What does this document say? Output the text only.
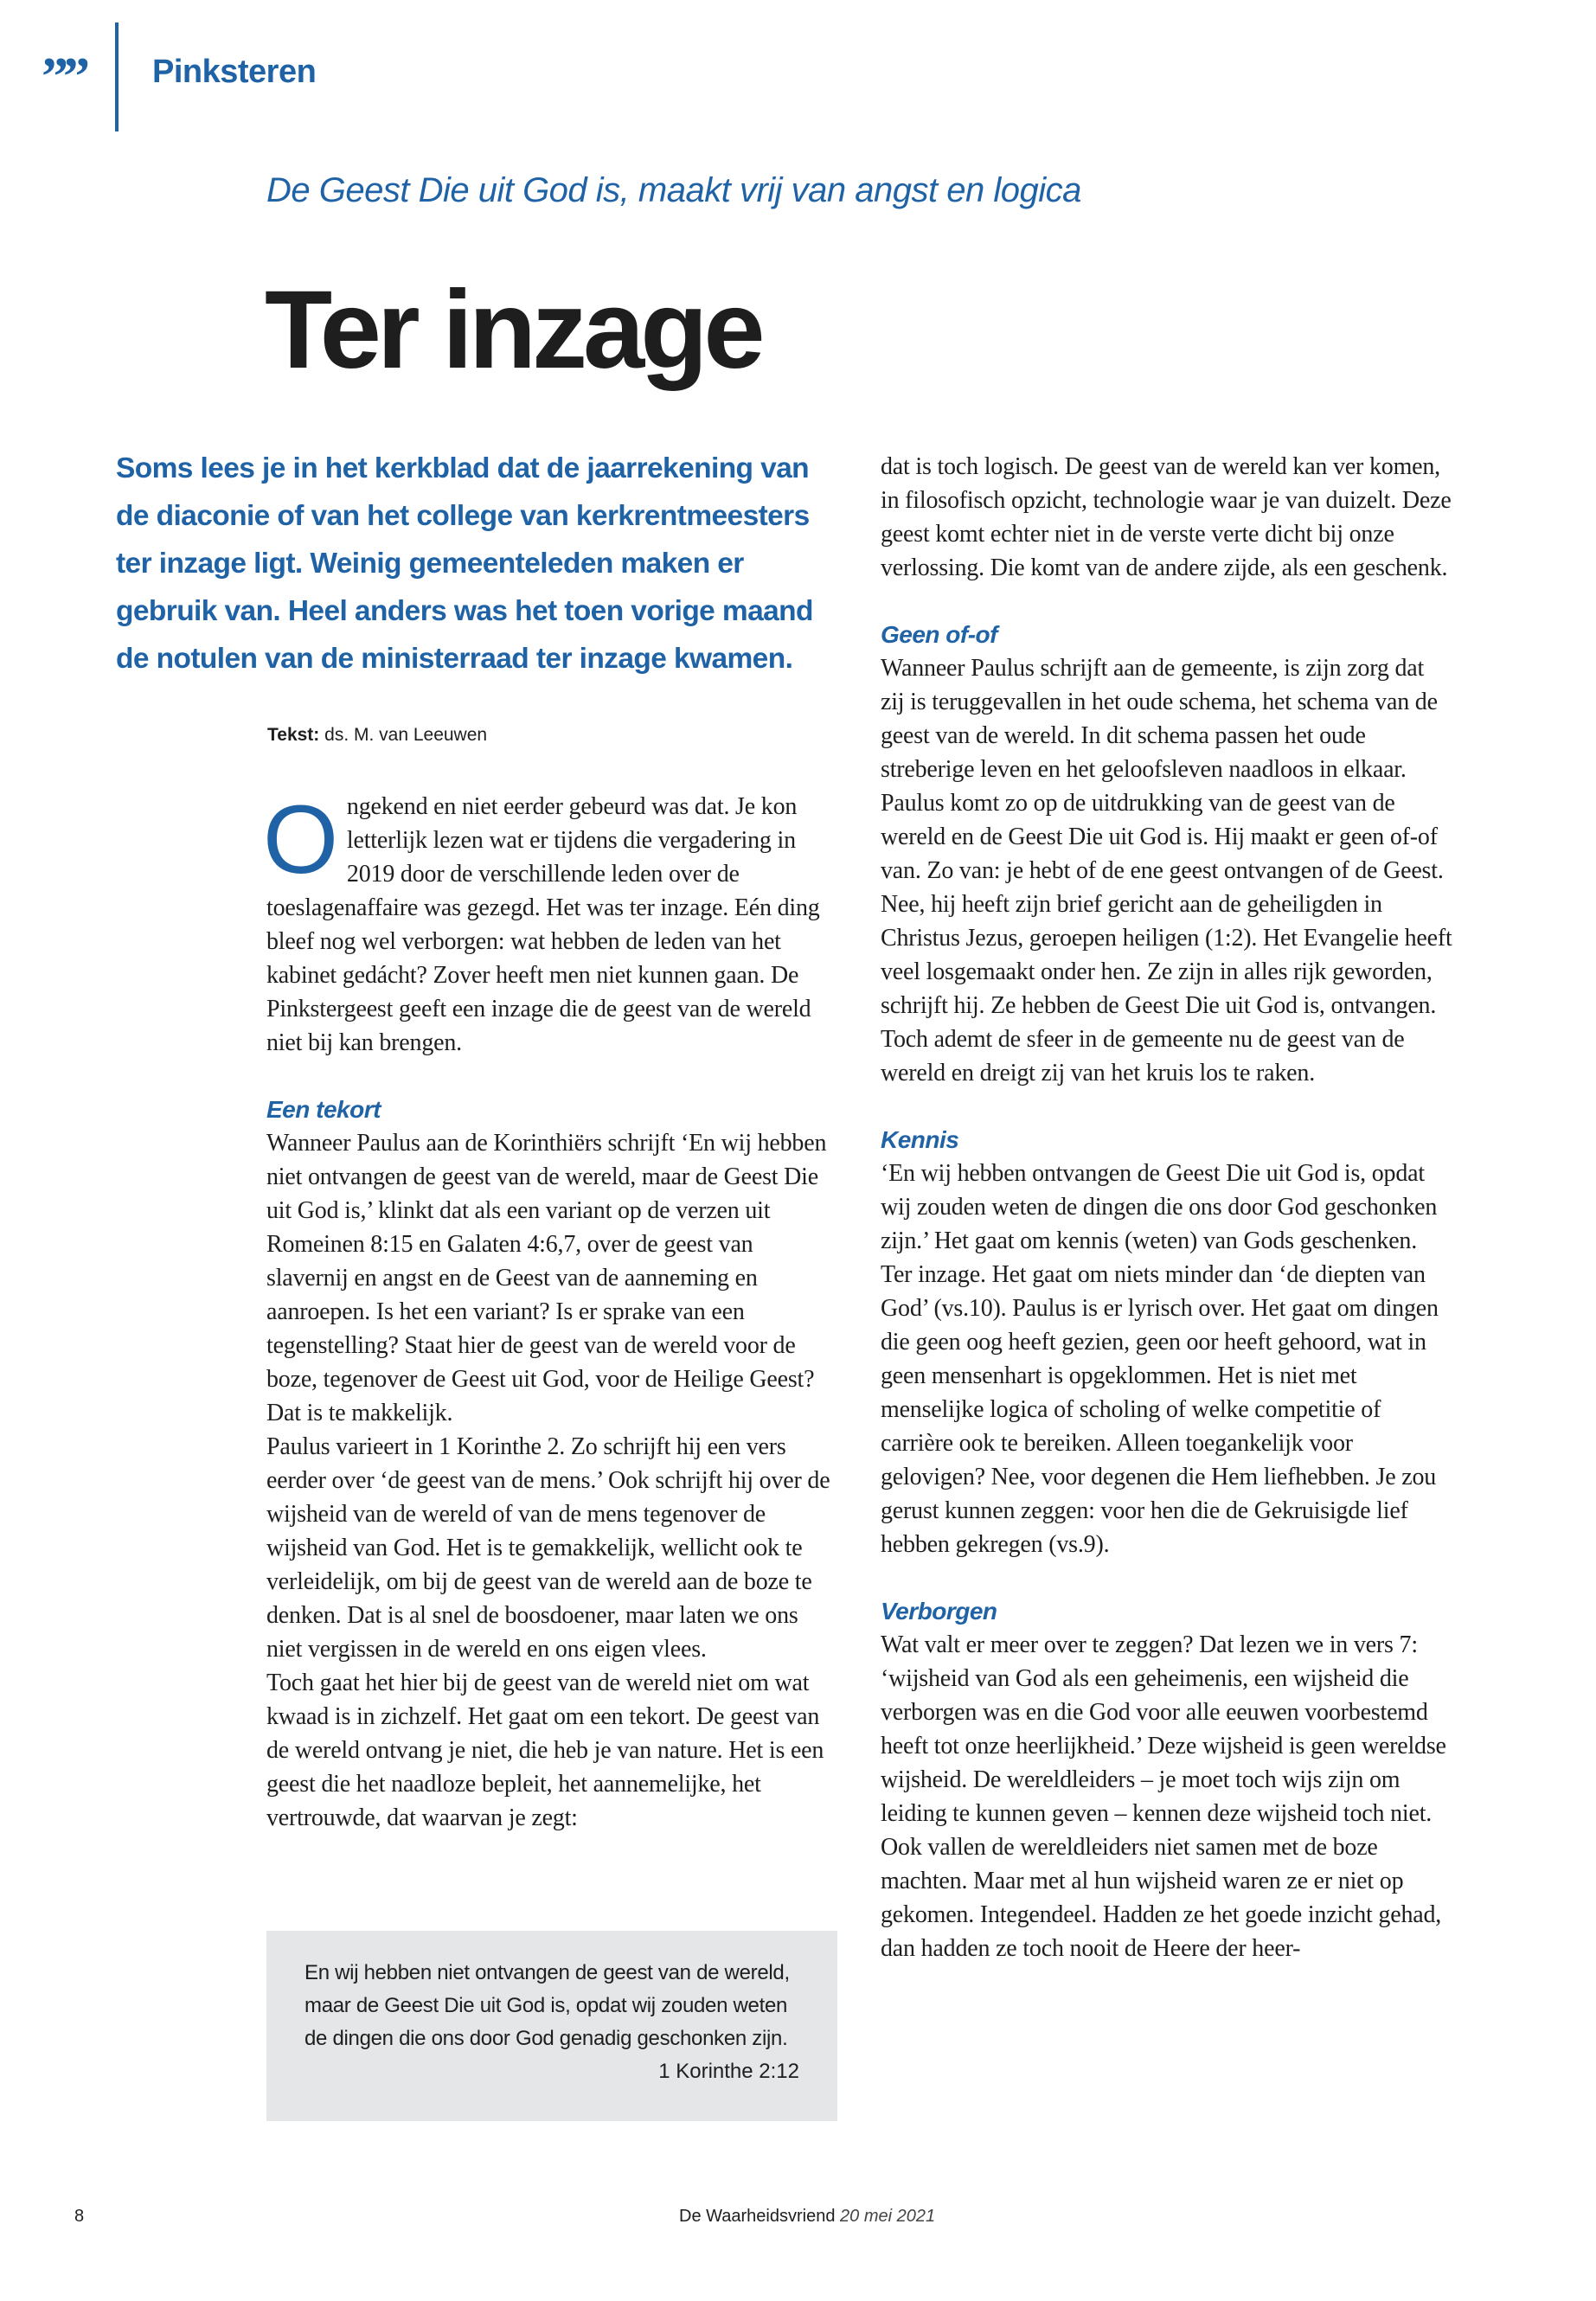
”” Pinksteren
De Geest Die uit God is, maakt vrij van angst en logica
Ter inzage
Soms lees je in het kerkblad dat de jaarrekening van de diaconie of van het college van kerkrentmeesters ter inzage ligt. Weinig gemeenteleden maken er gebruik van. Heel anders was het toen vorige maand de notulen van de ministerraad ter inzage kwamen.
Tekst: ds. M. van Leeuwen

Ongekend en niet eerder gebeurd was dat. Je kon letterlijk lezen wat er tijdens die vergadering in 2019 door de verschillende leden over de toeslagenaffaire was gezegd. Het was ter inzage. Eén ding bleef nog wel verborgen: wat hebben de leden van het kabinet gedácht? Zover heeft men niet kunnen gaan. De Pinkstergeest geeft een inzage die de geest van de wereld niet bij kan brengen.

Een tekort

Wanneer Paulus aan de Korinthiërs schrijft ‘En wij hebben niet ontvangen de geest van de wereld, maar de Geest Die uit God is,’ klinkt dat als een variant op de verzen uit Romeinen 8:15 en Galaten 4:6,7, over de geest van slavernij en angst en de Geest van de aanneming en aanroepen. Is het een variant? Is er sprake van een tegenstelling? Staat hier de geest van de wereld voor de boze, tegenover de Geest uit God, voor de Heilige Geest? Dat is te makkelijk.

Paulus varieert in 1 Korinthe 2. Zo schrijft hij een vers eerder over ‘de geest van de mens.’ Ook schrijft hij over de wijsheid van de wereld of van de mens tegenover de wijsheid van God. Het is te gemakkelijk, wellicht ook te verleidelijk, om bij de geest van de wereld aan de boze te denken. Dat is al snel de boosdoener, maar laten we ons niet vergissen in de wereld en ons eigen vlees.

Toch gaat het hier bij de geest van de wereld niet om wat kwaad is in zichzelf. Het gaat om een tekort. De geest van de wereld ontvang je niet, die heb je van nature. Het is een geest die het naadloze bepleit, het aannemelijke, het vertrouwde, dat waarvan je zegt:

En wij hebben niet ontvangen de geest van de wereld, maar de Geest Die uit God is, opdat wij zouden weten de dingen die ons door God genadig geschonken zijn.
1 Korinthe 2:12

dat is toch logisch. De geest van de wereld kan ver komen, in filosofisch opzicht, technologie waar je van duizelt. Deze geest komt echter niet in de verste verte dicht bij onze verlossing. Die komt van de andere zijde, als een geschenk.

Geen of-of

Wanneer Paulus schrijft aan de gemeente, is zijn zorg dat zij is teruggevallen in het oude schema, het schema van de geest van de wereld. In dit schema passen het oude streberige leven en het geloofsleven naadloos in elkaar. Paulus komt zo op de uitdrukking van de geest van de wereld en de Geest Die uit God is. Hij maakt er geen of-of van. Zo van: je hebt of de ene geest ontvangen of de Geest. Nee, hij heeft zijn brief gericht aan de geheiligden in Christus Jezus, geroepen heiligen (1:2). Het Evangelie heeft veel losgemaakt onder hen. Ze zijn in alles rijk geworden, schrijft hij. Ze hebben de Geest Die uit God is, ontvangen. Toch ademt de sfeer in de gemeente nu de geest van de wereld en dreigt zij van het kruis los te raken.

Kennis

‘En wij hebben ontvangen de Geest Die uit God is, opdat wij zouden weten de dingen die ons door God geschonken zijn.’ Het gaat om kennis (weten) van Gods geschenken. Ter inzage. Het gaat om niets minder dan ‘de diepten van God’ (vs.10). Paulus is er lyrisch over. Het gaat om dingen die geen oog heeft gezien, geen oor heeft gehoord, wat in geen mensenhart is opgeklommen. Het is niet met menselijke logica of scholing of welke competitie of carrière ook te bereiken. Alleen toegankelijk voor gelovigen? Nee, voor degenen die Hem liefhebben. Je zou gerust kunnen zeggen: voor hen die de Gekruisigde lief hebben gekregen (vs.9).

Verborgen

Wat valt er meer over te zeggen? Dat lezen we in vers 7: ‘wijsheid van God als een geheimenis, een wijsheid die verborgen was en die God voor alle eeuwen voorbestemd heeft tot onze heerlijkheid.’ Deze wijsheid is geen wereldse wijsheid. De wereldleiders – je moet toch wijs zijn om leiding te kunnen geven – kennen deze wijsheid toch niet. Ook vallen de wereldleiders niet samen met de boze machten. Maar met al hun wijsheid waren ze er niet op gekomen. Integendeel. Hadden ze het goede inzicht gehad, dan hadden ze toch nooit de Heere der heer-

8	De Waarheidsvriend 20 mei 2021
